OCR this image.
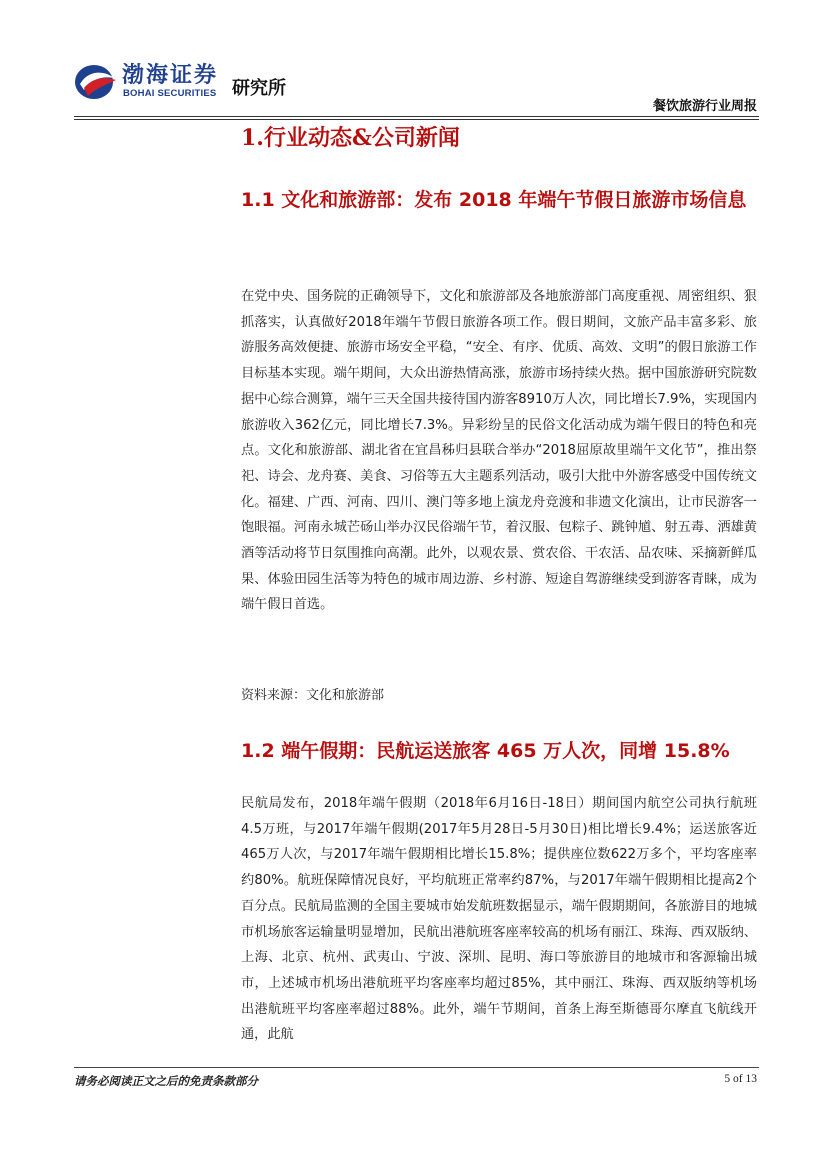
渤海证券
BOHAI SECURITIES 研究所
餐饮旅游行业周报
1.行业动态&公司新闻
1.1 文化和旅游部：发布 2018 年端午节假日旅游市场信息
在党中央、国务院的正确领导下，文化和旅游部及各地旅游部门高度重视、周密组织、狠抓落实，认真做好2018年端午节假日旅游各项工作。假日期间，文旅产品丰富多彩、旅游服务高效便捷、旅游市场安全平稳，“安全、有序、优质、高效、文明”的假日旅游工作目标基本实现。端午期间，大众出游热情高涨，旅游市场持续火热。据中国旅游研究院数据中心综合测算，端午三天全国共接待国内游客8910万人次，同比增长7.9%，实现国内旅游收入362亿元，同比增长7.3%。异彩纷呈的民俗文化活动成为端午假日的特色和亮点。文化和旅游部、湖北省在宜昌秭归县联合举办“2018屈原故里端午文化节”，推出祭祀、诗会、龙舟赛、美食、习俗等五大主题系列活动，吸引大批中外游客感受中国传统文化。福建、广西、河南、四川、澳门等多地上演龙舟竞渡和非遗文化演出，让市民游客一饱眼福。河南永城芒砀山举办汉民俗端午节，着汉服、包粽子、跳钟馗、射五毒、洒雄黄酒等活动将节日氛围推向高潮。此外，以观农景、赏农俗、干农活、品农味、采摘新鲜瓜果、体验田园生活等为特色的城市周边游、乡村游、短途自驾游继续受到游客青睐，成为端午假日首选。
资料来源：文化和旅游部
1.2 端午假期：民航运送旅客 465 万人次，同增 15.8%
民航局发布，2018年端午假期（2018年6月16日-18日）期间国内航空公司执行航班4.5万班，与2017年端午假期(2017年5月28日-5月30日)相比增长9.4%；运送旅客近465万人次，与2017年端午假期相比增长15.8%；提供座位数622万多个，平均客座率约80%。航班保障情况良好，平均航班正常率约87%，与2017年端午假期相比提高2个百分点。民航局监测的全国主要城市始发航班数据显示，端午假期期间，各旅游目的地城市机场旅客运输量明显增加，民航出港航班客座率较高的机场有丽江、珠海、西双版纳、上海、北京、杭州、武夷山、宁波、深圳、昆明、海口等旅游目的地城市和客源输出城市，上述城市机场出港航班平均客座率均超过85%，其中丽江、珠海、西双版纳等机场出港航班平均客座率超过88%。此外，端午节期间，首条上海至斯德哥尔摩直飞航线开通，此航
请务必阅读正文之后的免责条款部分	5 of 13
